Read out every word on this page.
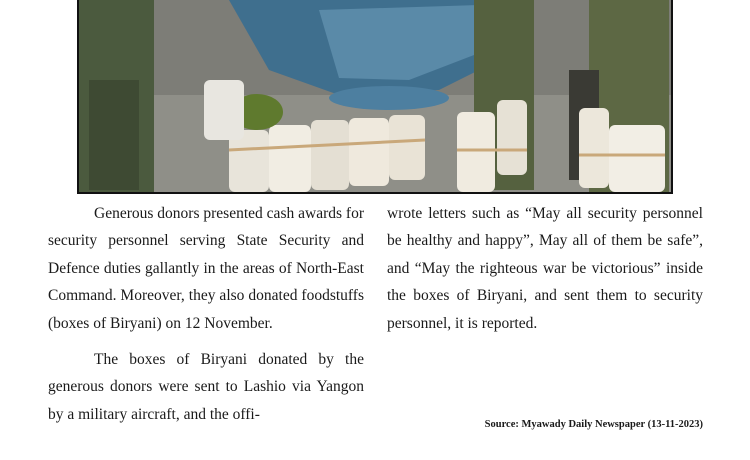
Generous donors presented cash awards for security personnel serving State Security and Defence duties gallantly in the areas of North-East Command. Moreover, they also donated foodstuffs (boxes of Biryani) on 12 November.

The boxes of Biryani donated by the generous donors were sent to Lashio via Yangon by a military aircraft, and the offi-

wrote letters such as “May all security personnel be healthy and happy”, May all of them be safe”, and “May the righteous war be victorious” inside the boxes of Biryani, and sent them to security personnel, it is reported.

Source: Myawady Daily Newspaper (13-11-2023)
